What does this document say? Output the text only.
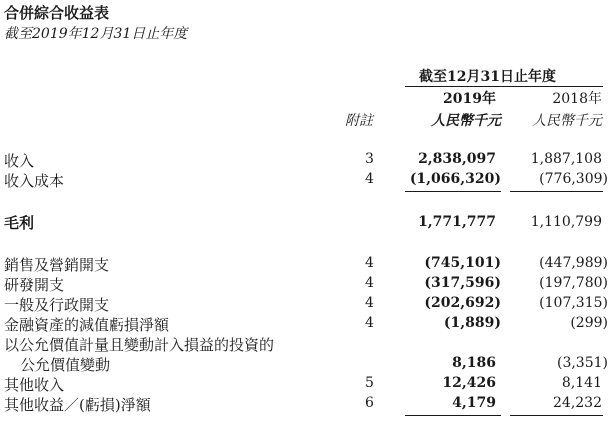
合併綜合收益表
截至2019年12月31日止年度
截至12月31日止年度
2019年	2018年
附註	人民幣千元 人民幣千元
收入	3	2,838,097 1,887,108
收入成本	4	(1,066,320)	(776,309)
毛利	1,771,777 1,110,799
銷售及營銷開支	4	(745,101)	(447,989)
研發開支	4	(317,596)	(197,780)
一般及行政開支	4	(202,692)	(107,315)
金融資產的減值虧損淨額	4	(1,889)	(299)
以公允價值計量且變動計入損益的投資的
公允價值變動	8,186	(3,351)
其他收入	5	12,426	8,141
其他收益／(虧損)淨額	6	4,179	24,232
